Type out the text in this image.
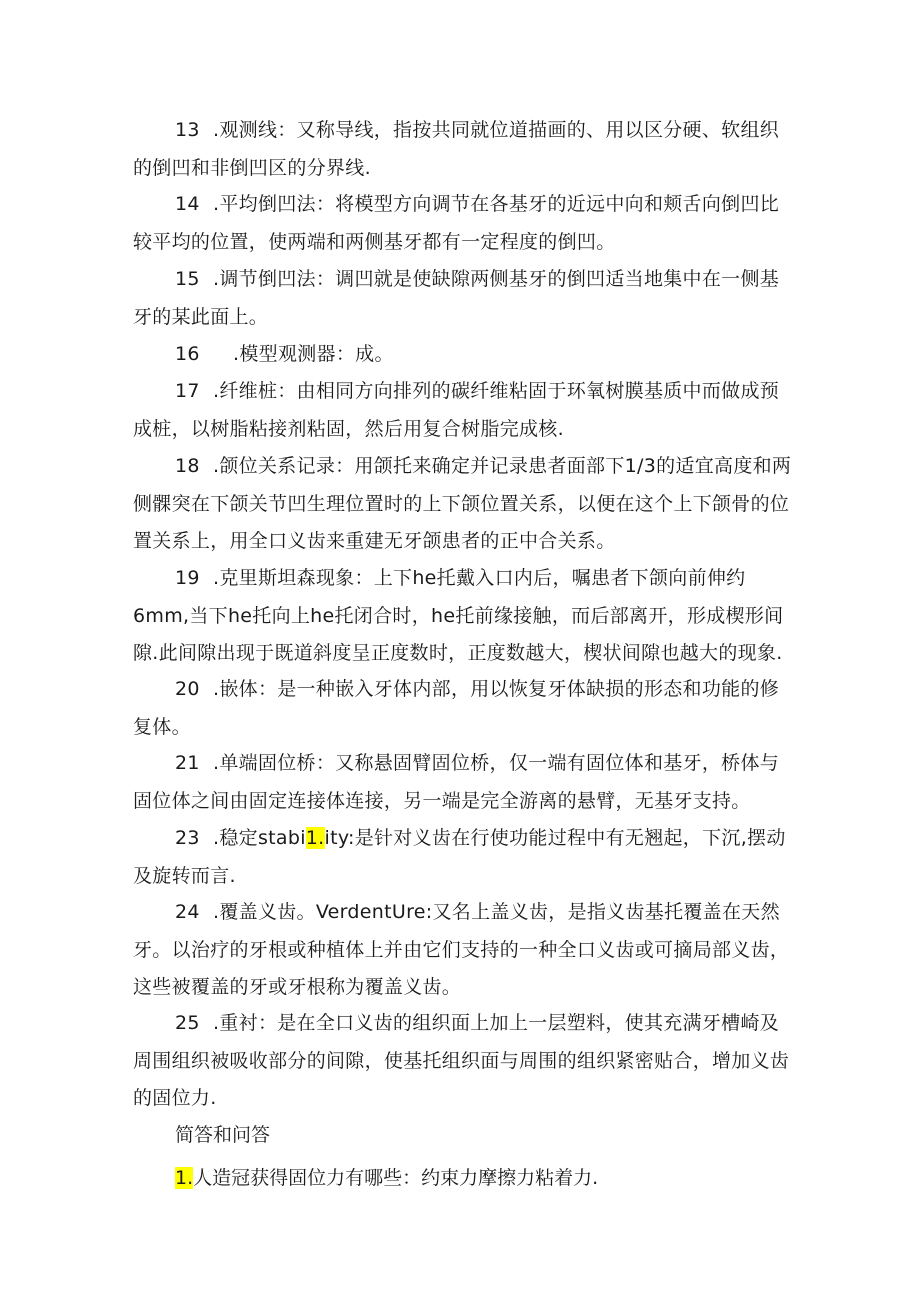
13 .观测线：又称导线，指按共同就位道描画的、用以区分硬、软组织的倒凹和非倒凹区的分界线.

14 .平均倒凹法：将模型方向调节在各基牙的近远中向和颊舌向倒凹比较平均的位置，使两端和两侧基牙都有一定程度的倒凹。

15 .调节倒凹法：调凹就是使缺隙两侧基牙的倒凹适当地集中在一侧基牙的某此面上。

16 .模型观测器：成。

17 .纤维桩：由相同方向排列的碳纤维粘固于环氧树膜基质中而做成预成桩，以树脂粘接剂粘固，然后用复合树脂完成核.

18 .颌位关系记录：用颌托来确定并记录患者面部下1/3的适宜高度和两侧髁突在下颌关节凹生理位置时的上下颌位置关系，以便在这个上下颌骨的位置关系上，用全口义齿来重建无牙颌患者的正中合关系。

19 .克里斯坦森现象：上下he托戴入口内后，嘱患者下颌向前伸约6mm,当下he托向上he托闭合时，he托前缘接触，而后部离开，形成楔形间隙.此间隙出现于既道斜度呈正度数时，正度数越大，楔状间隙也越大的现象.

20 .嵌体：是一种嵌入牙体内部，用以恢复牙体缺损的形态和功能的修复体。

21 .单端固位桥：又称悬固臂固位桥，仅一端有固位体和基牙，桥体与固位体之间由固定连接体连接，另一端是完全游离的悬臂，无基牙支持。

23 .稳定stabi1.ity:是针对义齿在行使功能过程中有无翘起，下沉,摆动及旋转而言.

24 .覆盖义齿。VerdentUre:又名上盖义齿，是指义齿基托覆盖在天然牙。以治疗的牙根或种植体上并由它们支持的一种全口义齿或可摘局部义齿，这些被覆盖的牙或牙根称为覆盖义齿。

25 .重衬：是在全口义齿的组织面上加上一层塑料，使其充满牙槽崎及周围组织被吸收部分的间隙，使基托组织面与周围的组织紧密贴合，增加义齿的固位力.

简答和问答

1.人造冠获得固位力有哪些：约束力摩擦力粘着力.
